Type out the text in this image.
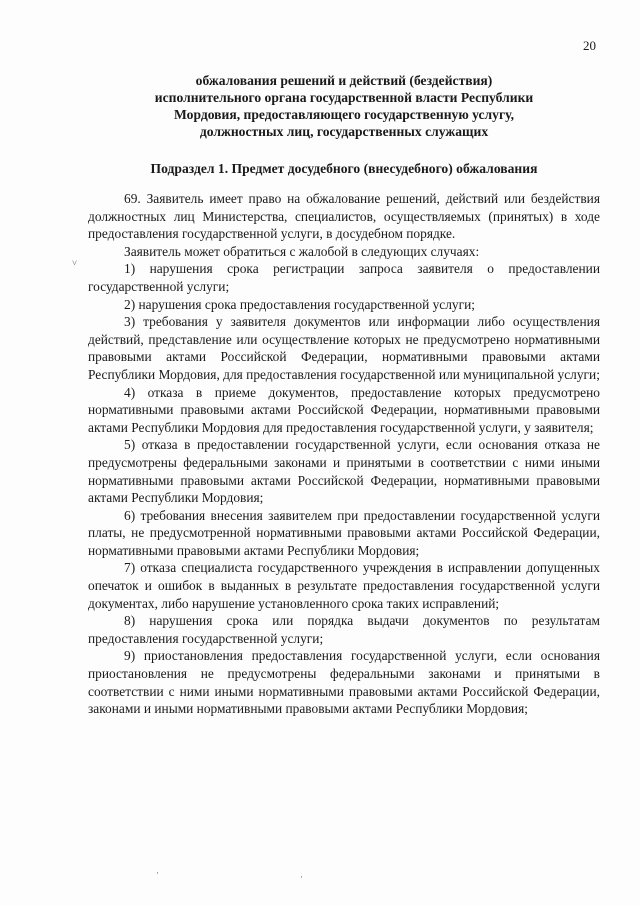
20
обжалования решений и действий (бездействия)
исполнительного органа государственной власти Республики
Мордовия, предоставляющего государственную услугу,
должностных лиц, государственных служащих
Подраздел 1. Предмет досудебного (внесудебного) обжалования

69. Заявитель имеет право на обжалование решений, действий или бездействия должностных лиц Министерства, специалистов, осуществляемых (принятых) в ходе предоставления государственной услуги, в досудебном порядке.

Заявитель может обратиться с жалобой в следующих случаях:

1) нарушения срока регистрации запроса заявителя о предоставлении государственной услуги;

2) нарушения срока предоставления государственной услуги;

3) требования у заявителя документов или информации либо осуществления действий, представление или осуществление которых не предусмотрено нормативными правовыми актами Российской Федерации, нормативными правовыми актами Республики Мордовия, для предоставления государственной или муниципальной услуги;

4) отказа в приеме документов, предоставление которых предусмотрено нормативными правовыми актами Российской Федерации, нормативными правовыми актами Республики Мордовия для предоставления государственной услуги, у заявителя;

5) отказа в предоставлении государственной услуги, если основания отказа не предусмотрены федеральными законами и принятыми в соответствии с ними иными нормативными правовыми актами Российской Федерации, нормативными правовыми актами Республики Мордовия;

6) требования внесения заявителем при предоставлении государственной услуги платы, не предусмотренной нормативными правовыми актами Российской Федерации, нормативными правовыми актами Республики Мордовия;

7) отказа специалиста государственного учреждения в исправлении допущенных опечаток и ошибок в выданных в результате предоставления государственной услуги документах, либо нарушение установленного срока таких исправлений;

8) нарушения срока или порядка выдачи документов по результатам предоставления государственной услуги;

9) приостановления предоставления государственной услуги, если основания приостановления не предусмотрены федеральными законами и принятыми в соответствии с ними иными нормативными правовыми актами Российской Федерации, законами и иными нормативными правовыми актами Республики Мордовия;

˅
·	·
